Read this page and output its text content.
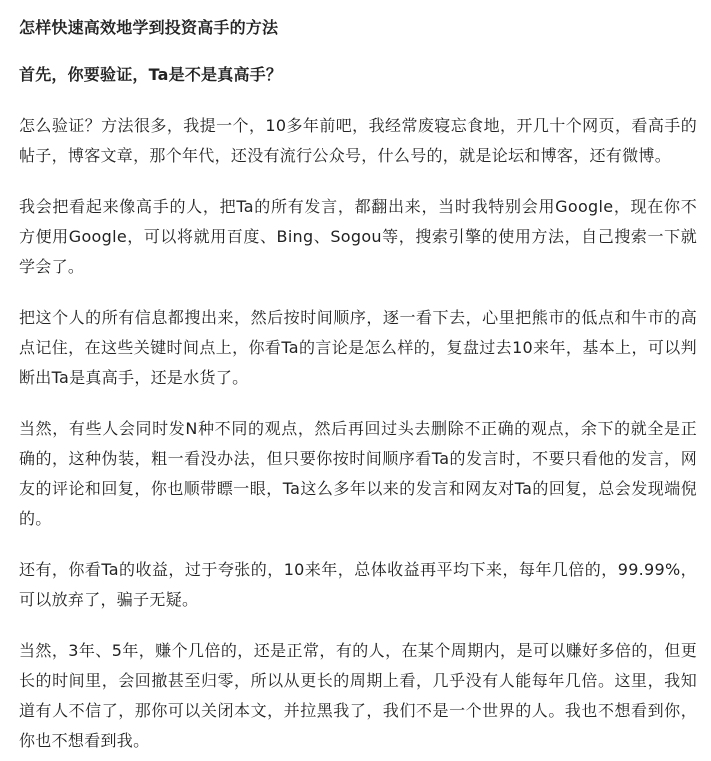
怎样快速高效地学到投资高手的方法
首先，你要验证，Ta是不是真高手？

怎么验证？方法很多，我提一个，10多年前吧，我经常废寝忘食地，开几十个网页，看高手的帖子，博客文章，那个年代，还没有流行公众号，什么号的，就是论坛和博客，还有微博。

我会把看起来像高手的人，把Ta的所有发言，都翻出来，当时我特别会用Google，现在你不方便用Google，可以将就用百度、Bing、Sogou等，搜索引擎的使用方法，自己搜索一下就学会了。

把这个人的所有信息都搜出来，然后按时间顺序，逐一看下去，心里把熊市的低点和牛市的高点记住，在这些关键时间点上，你看Ta的言论是怎么样的，复盘过去10来年，基本上，可以判断出Ta是真高手，还是水货了。

当然，有些人会同时发N种不同的观点，然后再回过头去删除不正确的观点，余下的就全是正确的，这种伪装，粗一看没办法，但只要你按时间顺序看Ta的发言时，不要只看他的发言，网友的评论和回复，你也顺带瞟一眼，Ta这么多年以来的发言和网友对Ta的回复，总会发现端倪的。

还有，你看Ta的收益，过于夸张的，10来年，总体收益再平均下来，每年几倍的，99.99%，可以放弃了，骗子无疑。

当然，3年、5年，赚个几倍的，还是正常，有的人，在某个周期内，是可以赚好多倍的，但更长的时间里，会回撤甚至归零，所以从更长的周期上看，几乎没有人能每年几倍。这里，我知道有人不信了，那你可以关闭本文，并拉黑我了，我们不是一个世界的人。我也不想看到你，你也不想看到我。
